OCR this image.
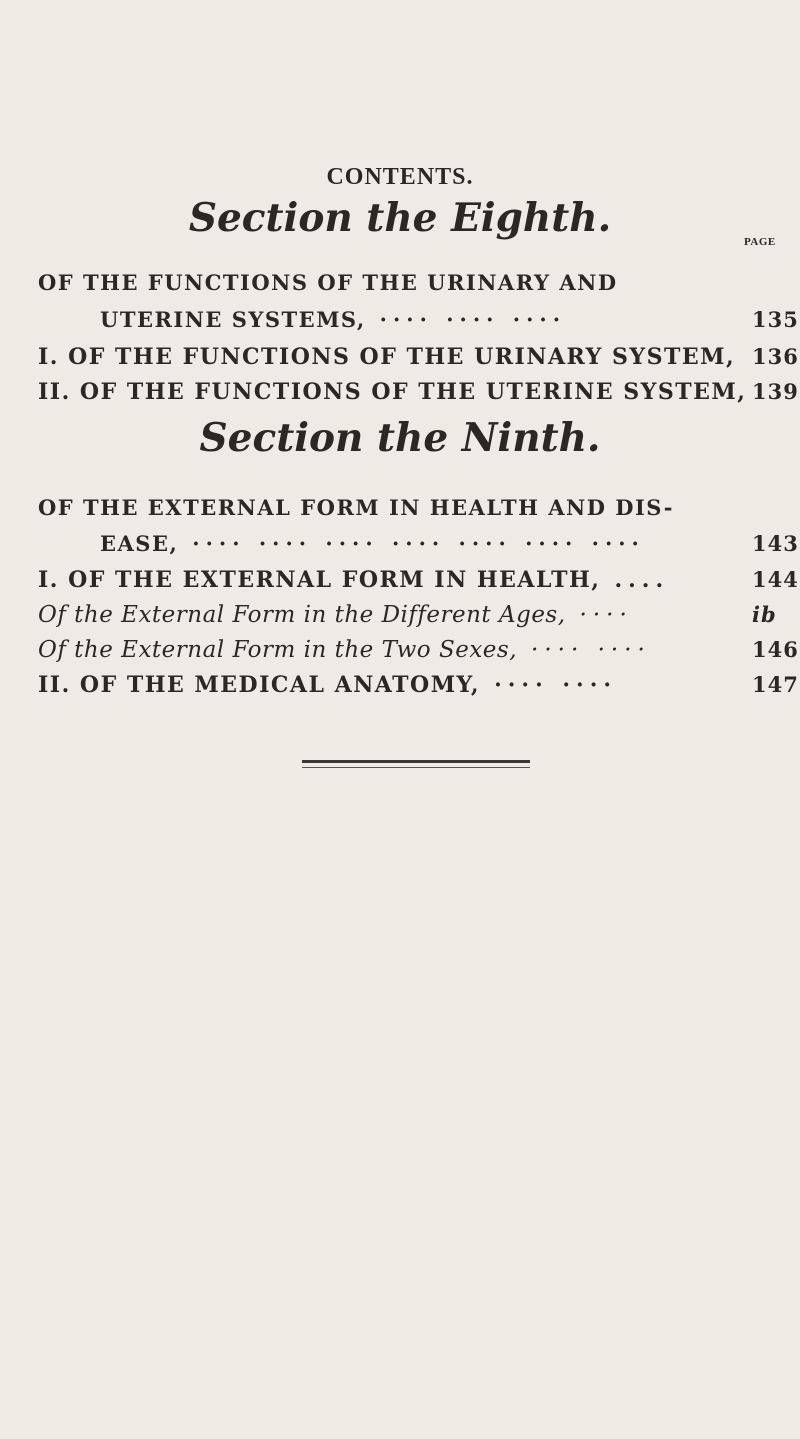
CONTENTS.
PAGE
Section the Eighth.
OF THE FUNCTIONS OF THE URINARY AND
UTERINE SYSTEMS, ···· ···· ····	135
I. OF THE FUNCTIONS OF THE URINARY SYSTEM, 136
II. OF THE FUNCTIONS OF THE UTERINE SYSTEM, 139
Section the Ninth.
OF THE EXTERNAL FORM IN HEALTH AND DIS-
EASE, ···· ···· ···· ···· ···· ···· ····	143
I. OF THE EXTERNAL FORM IN HEALTH, ....	144
Of the External Form in the Different Ages, ····	ib
Of the External Form in the Two Sexes, ···· ····	146
II. OF THE MEDICAL ANATOMY, ···· ····	147
